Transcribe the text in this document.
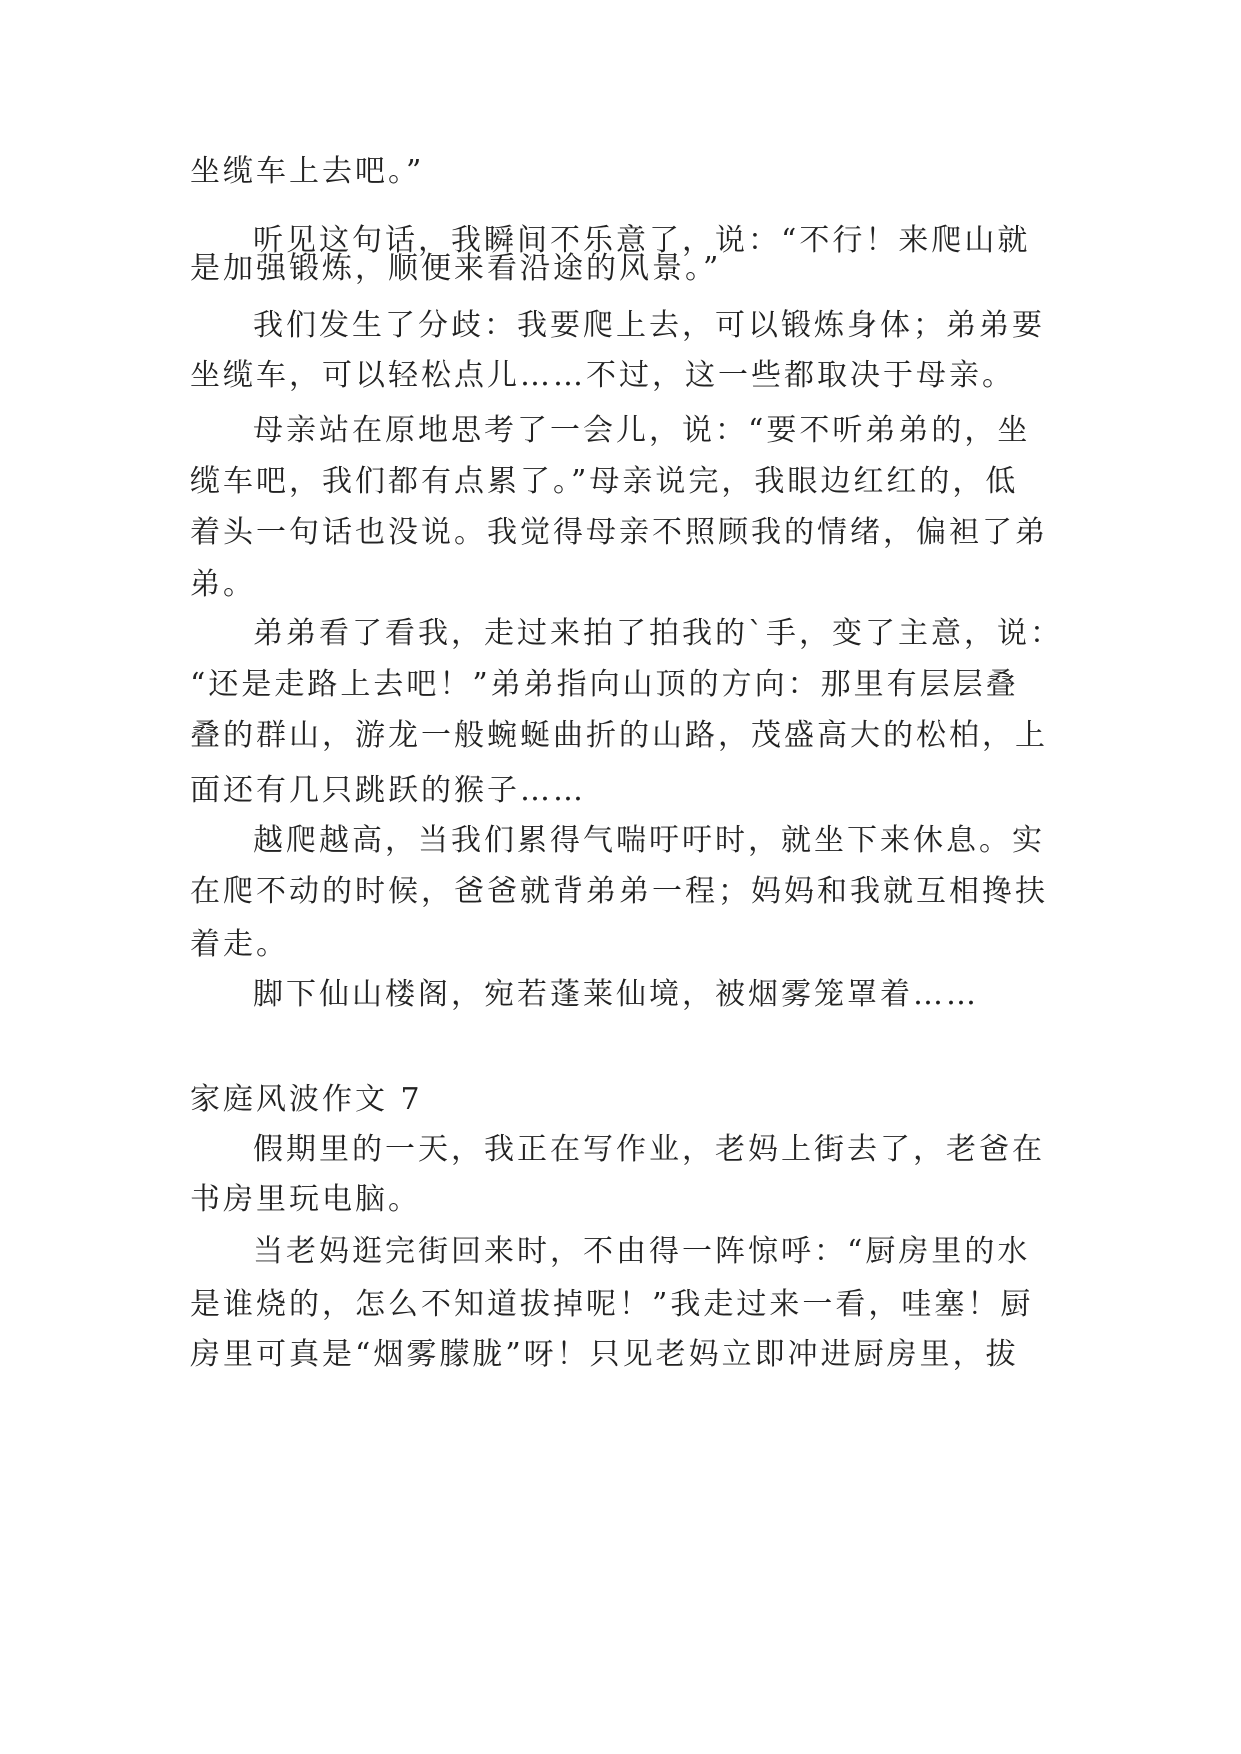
坐缆车上去吧。”
听见这句话，我瞬间不乐意了，说：“不行！来爬山就
是加强锻炼，顺便来看沿途的风景。”
我们发生了分歧：我要爬上去，可以锻炼身体；弟弟要
坐缆车，可以轻松点儿……不过，这一些都取决于母亲。
母亲站在原地思考了一会儿，说：“要不听弟弟的，坐
缆车吧，我们都有点累了。”母亲说完，我眼边红红的，低
着头一句话也没说。我觉得母亲不照顾我的情绪，偏袒了弟
弟。
弟弟看了看我，走过来拍了拍我的`手，变了主意，说：
“还是走路上去吧！”弟弟指向山顶的方向：那里有层层叠
叠的群山，游龙一般蜿蜒曲折的山路，茂盛高大的松柏，上
面还有几只跳跃的猴子……
越爬越高，当我们累得气喘吁吁时，就坐下来休息。实
在爬不动的时候，爸爸就背弟弟一程；妈妈和我就互相搀扶
着走。
脚下仙山楼阁，宛若蓬莱仙境，被烟雾笼罩着……
家庭风波作文 7
假期里的一天，我正在写作业，老妈上街去了，老爸在
书房里玩电脑。
当老妈逛完街回来时，不由得一阵惊呼：“厨房里的水
是谁烧的，怎么不知道拔掉呢！”我走过来一看，哇塞！厨
房里可真是“烟雾朦胧”呀！只见老妈立即冲进厨房里，拔
